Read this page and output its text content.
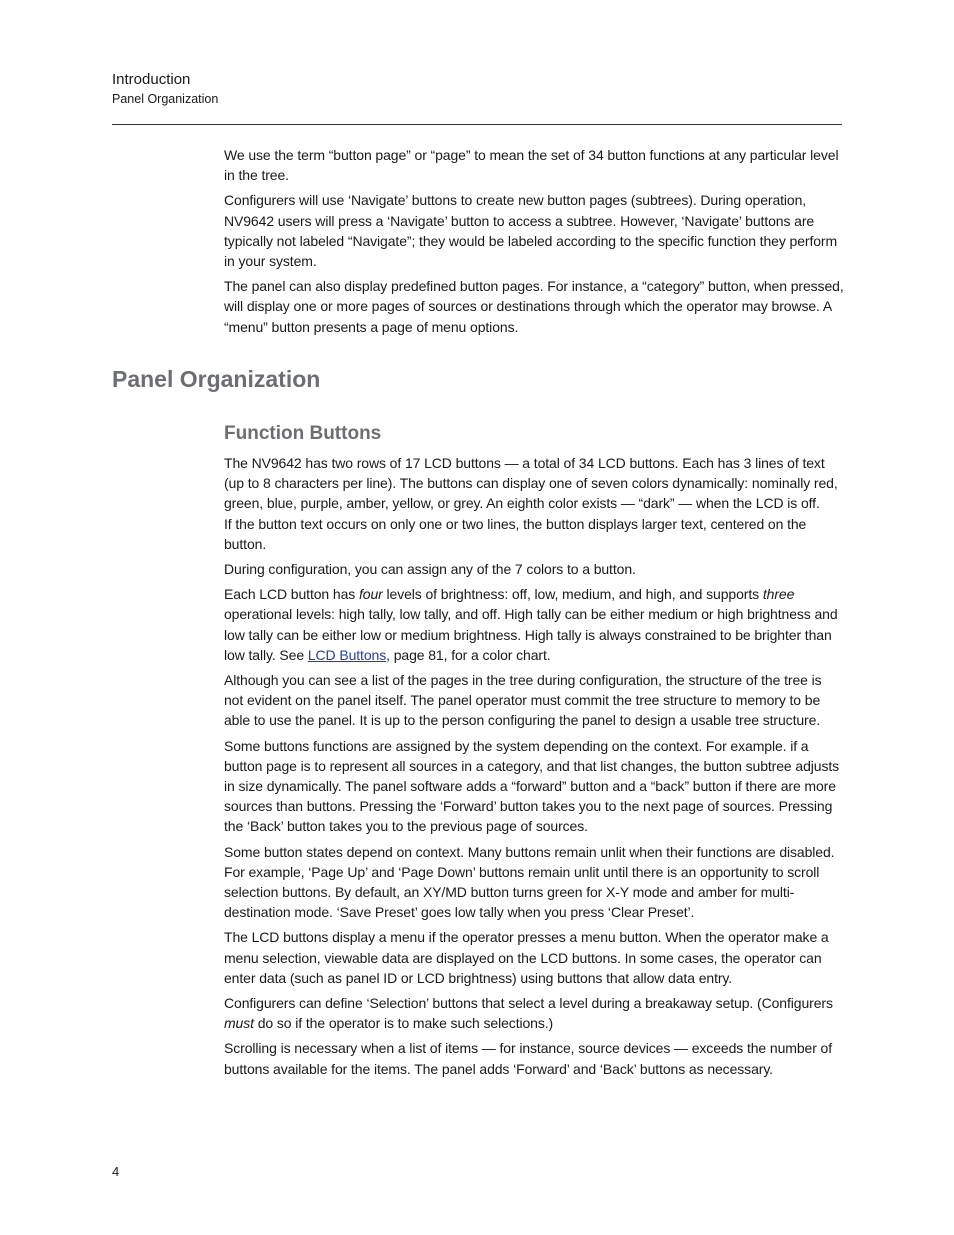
Introduction
Panel Organization

We use the term “button page” or “page” to mean the set of 34 button functions at any particular level in the tree.

Configurers will use ‘Navigate’ buttons to create new button pages (subtrees). During operation, NV9642 users will press a ‘Navigate’ button to access a subtree. However, ‘Navigate’ buttons are typically not labeled “Navigate”; they would be labeled according to the specific function they perform in your system.

The panel can also display predefined button pages. For instance, a “category” button, when pressed, will display one or more pages of sources or destinations through which the operator may browse. A “menu” button presents a page of menu options.

Panel Organization
Function Buttons

The NV9642 has two rows of 17 LCD buttons — a total of 34 LCD buttons. Each has 3 lines of text (up to 8 characters per line). The buttons can display one of seven colors dynamically: nominally red, green, blue, purple, amber, yellow, or grey. An eighth color exists — “dark” — when the LCD is off.

If the button text occurs on only one or two lines, the button displays larger text, centered on the button.

During configuration, you can assign any of the 7 colors to a button.

Each LCD button has four levels of brightness: off, low, medium, and high, and supports three operational levels: high tally, low tally, and off. High tally can be either medium or high brightness and low tally can be either low or medium brightness. High tally is always constrained to be brighter than low tally. See LCD Buttons, page 81, for a color chart.

Although you can see a list of the pages in the tree during configuration, the structure of the tree is not evident on the panel itself. The panel operator must commit the tree structure to memory to be able to use the panel. It is up to the person configuring the panel to design a usable tree structure.

Some buttons functions are assigned by the system depending on the context. For example. if a button page is to represent all sources in a category, and that list changes, the button subtree adjusts in size dynamically. The panel software adds a “forward” button and a “back” button if there are more sources than buttons. Pressing the ‘Forward’ button takes you to the next page of sources. Pressing the ‘Back’ button takes you to the previous page of sources.

Some button states depend on context. Many buttons remain unlit when their functions are disabled. For example, ‘Page Up’ and ‘Page Down’ buttons remain unlit until there is an opportunity to scroll selection buttons. By default, an XY/MD button turns green for X-Y mode and amber for multi-destination mode. ‘Save Preset’ goes low tally when you press ‘Clear Preset’.

The LCD buttons display a menu if the operator presses a menu button. When the operator make a menu selection, viewable data are displayed on the LCD buttons. In some cases, the operator can enter data (such as panel ID or LCD brightness) using buttons that allow data entry.

Configurers can define ‘Selection’ buttons that select a level during a breakaway setup. (Configurers must do so if the operator is to make such selections.)

Scrolling is necessary when a list of items — for instance, source devices — exceeds the number of buttons available for the items. The panel adds ‘Forward’ and ‘Back’ buttons as necessary.

4
